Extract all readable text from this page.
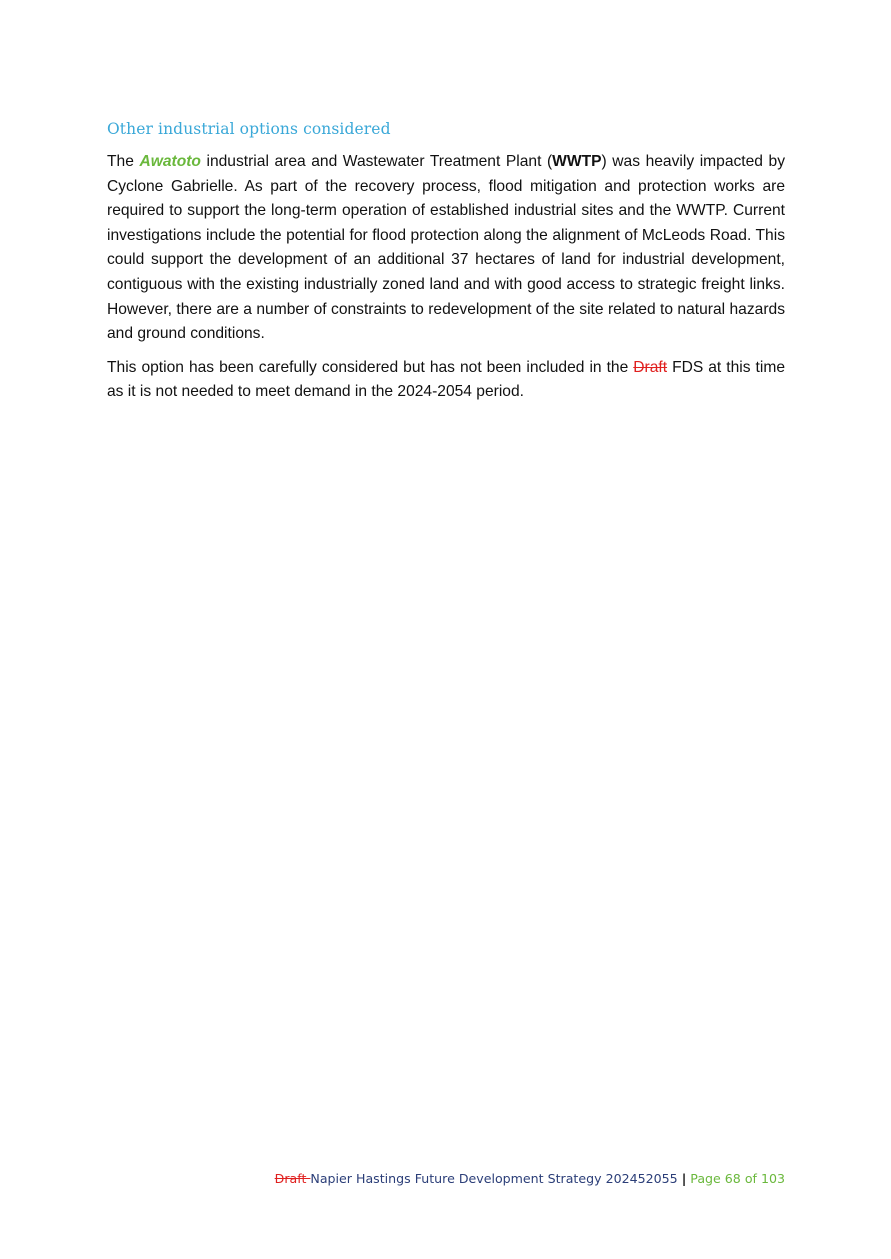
Other industrial options considered

The Awatoto industrial area and Wastewater Treatment Plant (WWTP) was heavily impacted by Cyclone Gabrielle. As part of the recovery process, flood mitigation and protection works are required to support the long-term operation of established industrial sites and the WWTP. Current investigations include the potential for flood protection along the alignment of McLeods Road. This could support the development of an additional 37 hectares of land for industrial development, contiguous with the existing industrially zoned land and with good access to strategic freight links. However, there are a number of constraints to redevelopment of the site related to natural hazards and ground conditions.

This option has been carefully considered but has not been included in the Draft FDS at this time as it is not needed to meet demand in the 2024-2054 period.

Draft Napier Hastings Future Development Strategy 202452055 | Page 68 of 103
